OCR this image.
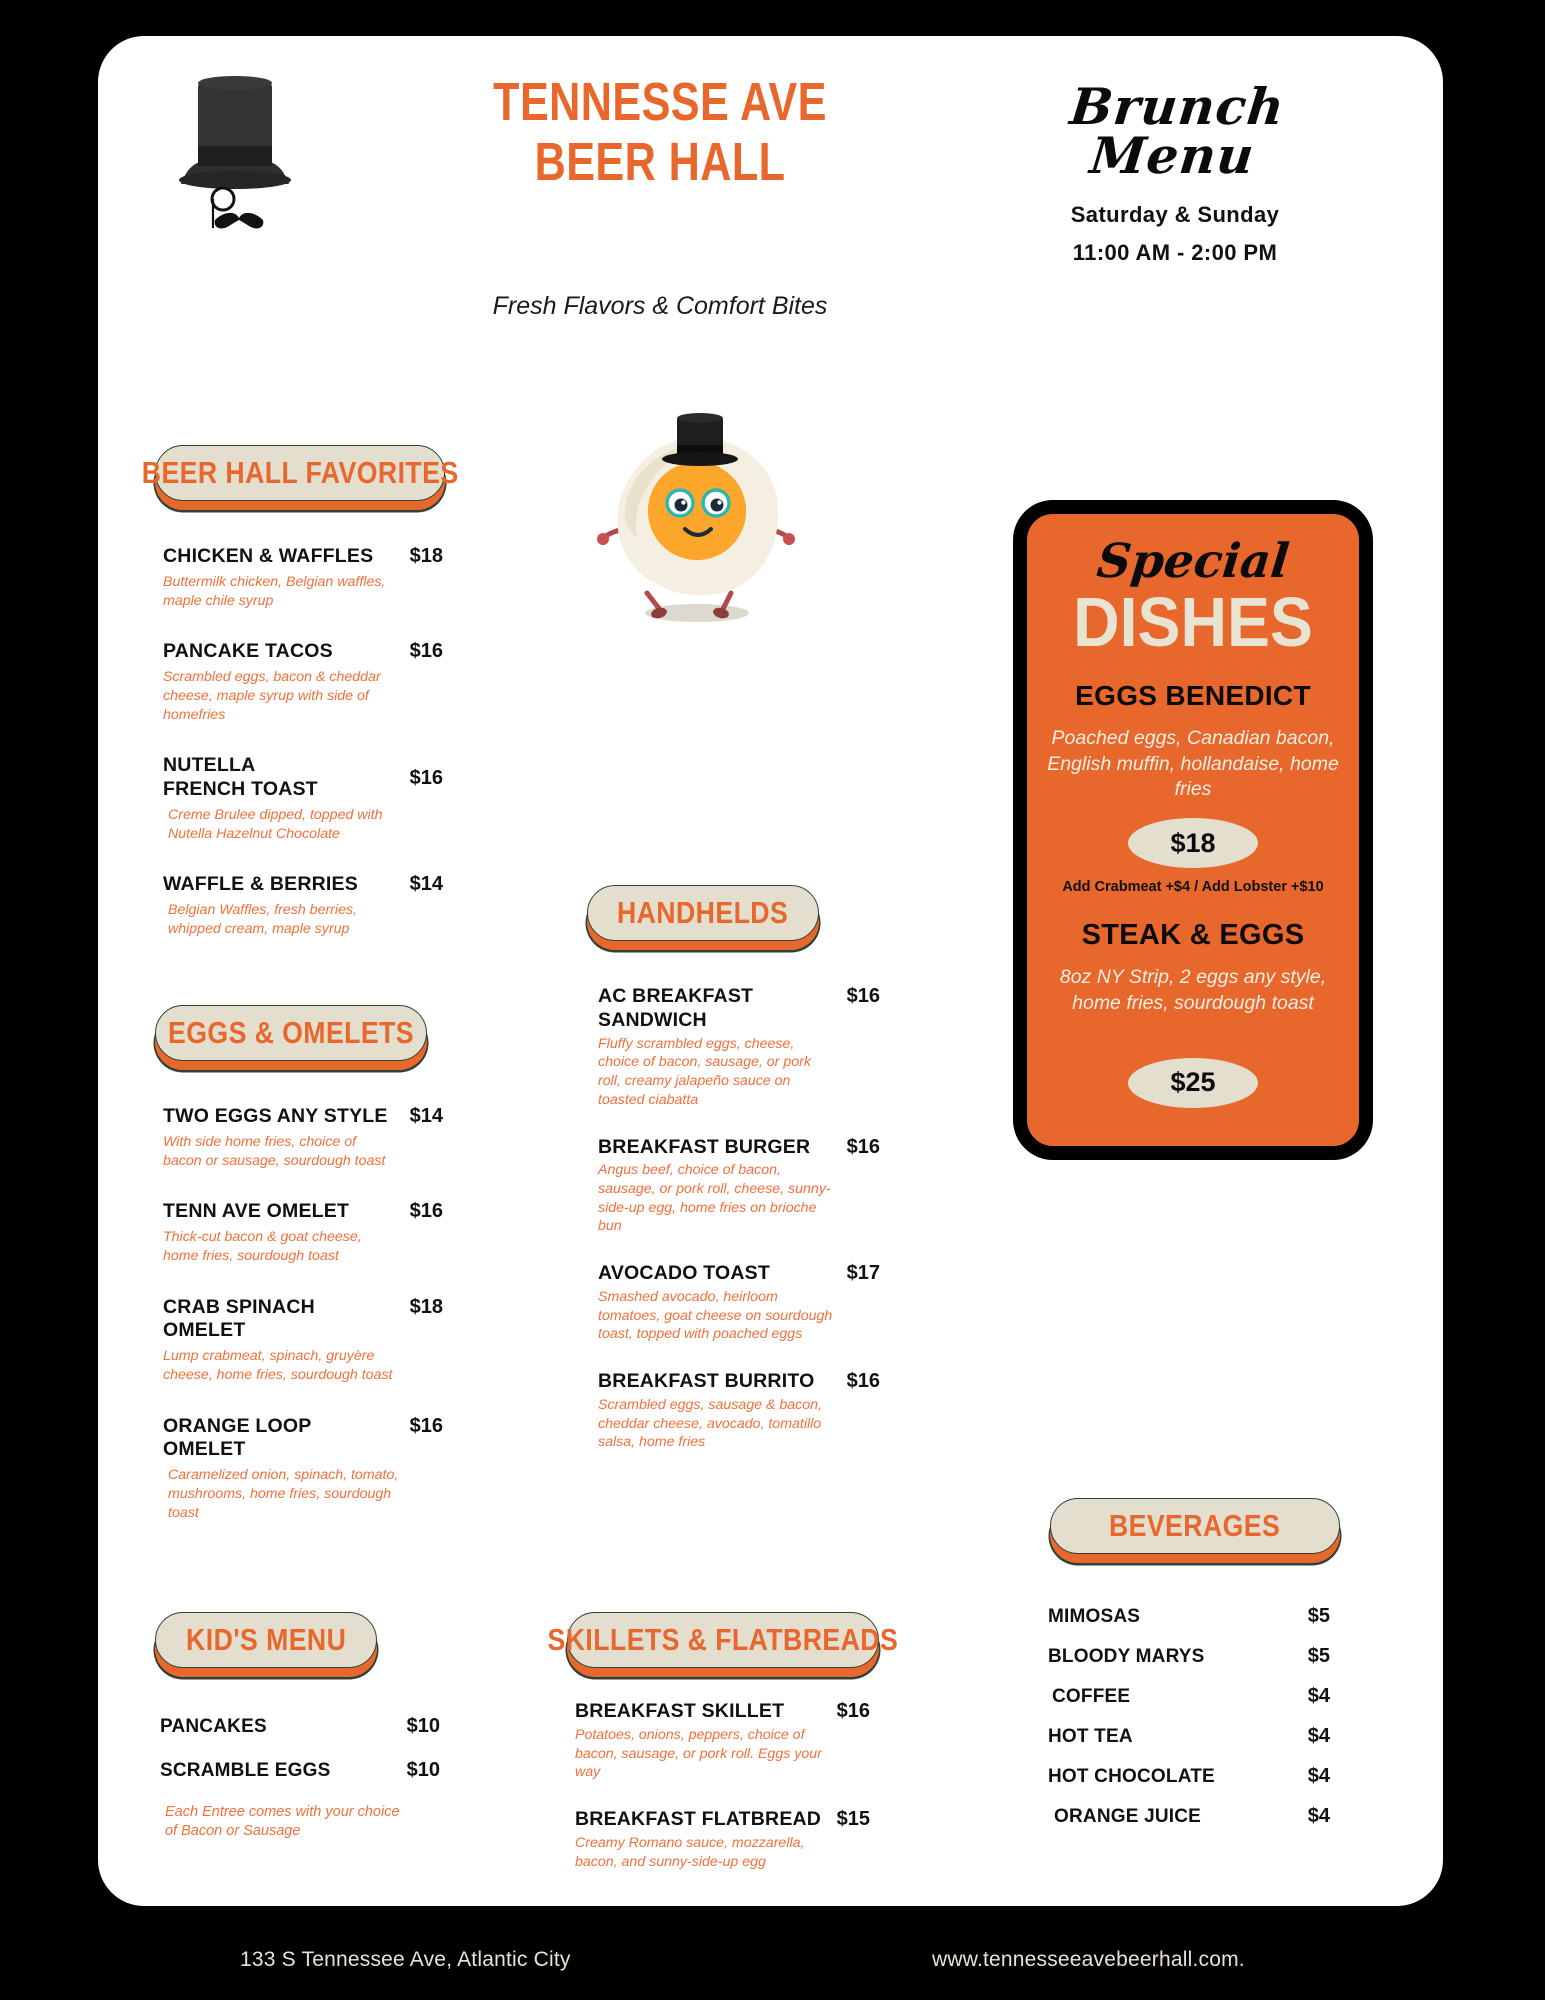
TENNESSE AVE
BEER HALL
Fresh Flavors & Comfort Bites
Brunch
Menu
Saturday & Sunday
11:00 AM - 2:00 PM
BEER HALL FAVORITES
CHICKEN & WAFFLES	$18
Buttermilk chicken, Belgian waffles, maple chile syrup
PANCAKE TACOS	$16
Scrambled eggs, bacon & cheddar cheese, maple syrup with side of homefries
NUTELLA FRENCH TOAST
$16
Creme Brulee dipped, topped with Nutella Hazelnut Chocolate
WAFFLE & BERRIES	$14
Belgian Waffles, fresh berries, whipped cream, maple syrup
EGGS & OMELETS
TWO EGGS ANY STYLE	$14
With side home fries, choice of bacon or sausage, sourdough toast
TENN AVE OMELET	$16
Thick-cut bacon & goat cheese, home fries, sourdough toast
CRAB SPINACH OMELET
$18
Lump crabmeat, spinach, gruyère cheese, home fries, sourdough toast
ORANGE LOOP OMELET
$16
Caramelized onion, spinach, tomato, mushrooms, home fries, sourdough toast
KID'S MENU
PANCAKES	$10
SCRAMBLE EGGS	$10
Each Entree comes with your choice of Bacon or Sausage
HANDHELDS
AC BREAKFAST SANDWICH
$16
Fluffy scrambled eggs, cheese, choice of bacon, sausage, or pork roll, creamy jalapeño sauce on toasted ciabatta
BREAKFAST BURGER	$16
Angus beef, choice of bacon, sausage, or pork roll, cheese, sunny-side-up egg, home fries on brioche bun
AVOCADO TOAST	$17
Smashed avocado, heirloom tomatoes, goat cheese on sourdough toast, topped with poached eggs
BREAKFAST BURRITO	$16
Scrambled eggs, sausage & bacon, cheddar cheese, avocado, tomatillo salsa, home fries
SKILLETS & FLATBREADS
BREAKFAST SKILLET	$16
Potatoes, onions, peppers, choice of bacon, sausage, or pork roll. Eggs your way
BREAKFAST FLATBREAD $15
Creamy Romano sauce, mozzarella, bacon, and sunny-side-up egg
Special
DISHES
EGGS BENEDICT
Poached eggs, Canadian bacon, English muffin, hollandaise, home fries
$18
Add Crabmeat +$4 / Add Lobster +$10
STEAK & EGGS
8oz NY Strip, 2 eggs any style, home fries, sourdough toast
$25
BEVERAGES
MIMOSAS	$5
BLOODY MARYS	$5
COFFEE	$4
HOT TEA	$4
HOT CHOCOLATE	$4
ORANGE JUICE	$4
133 S Tennessee Ave, Atlantic City	www.tennesseeavebeerhall.com.
